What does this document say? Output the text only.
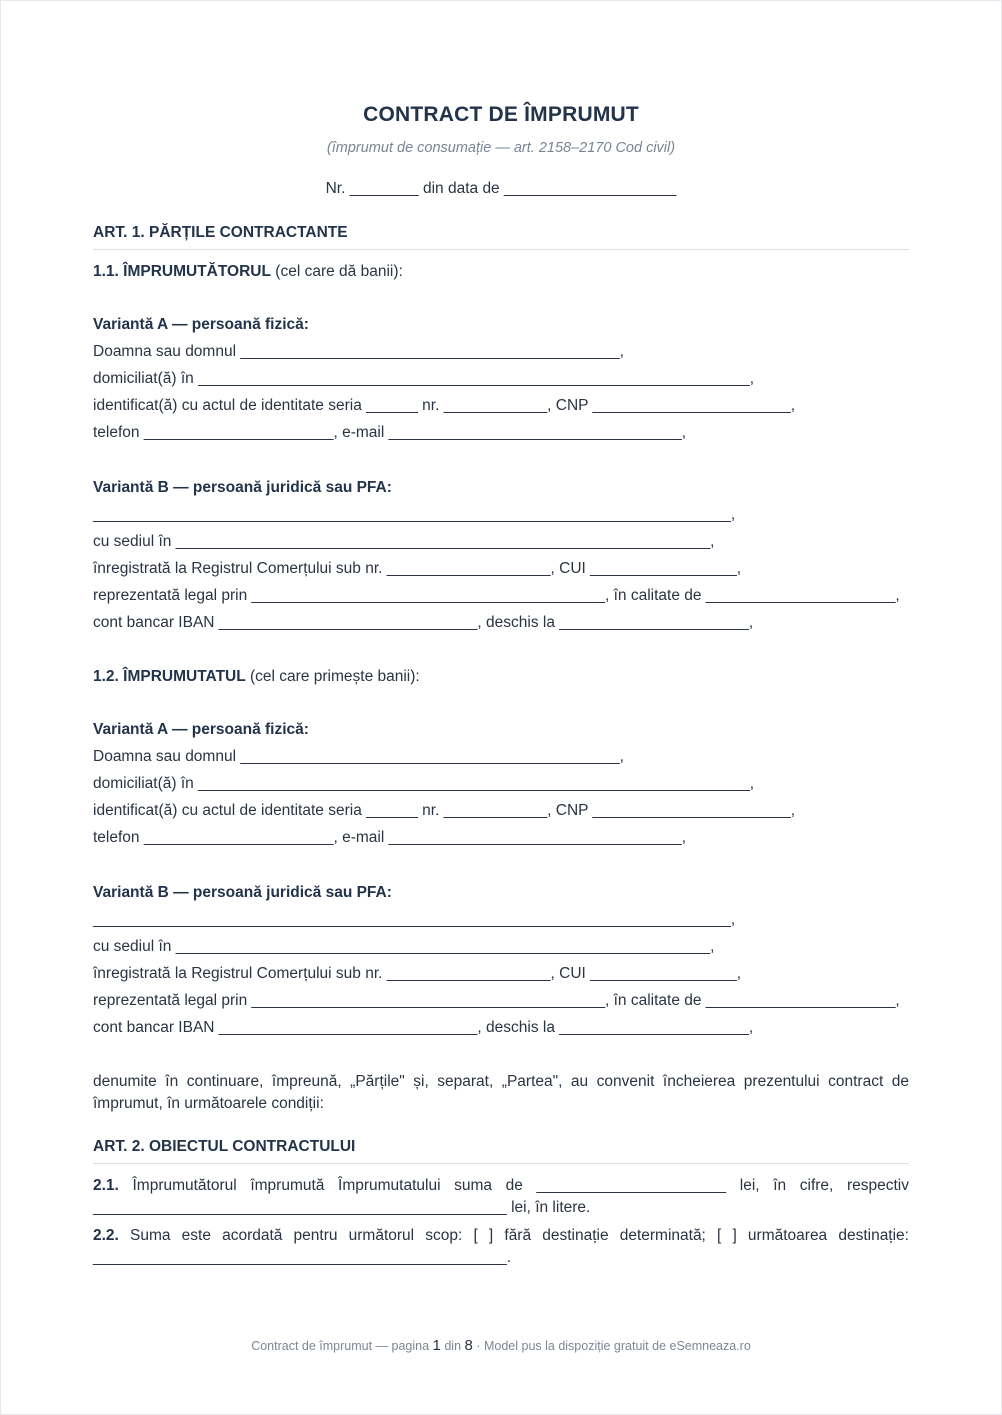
CONTRACT DE ÎMPRUMUT
(împrumut de consumație — art. 2158–2170 Cod civil)
Nr. ________ din data de ____________________
ART. 1. PĂRȚILE CONTRACTANTE
1.1. ÎMPRUMUTĂTORUL (cel care dă banii):
Variantă A — persoană fizică:
Doamna sau domnul ____________________________________________,
domiciliat(ă) în ________________________________________________________________,
identificat(ă) cu actul de identitate seria ______ nr. ____________, CNP _______________________,
telefon ______________________, e-mail __________________________________,
Variantă B — persoană juridică sau PFA:
__________________________________________________________________________,
cu sediul în ______________________________________________________________,
înregistrată la Registrul Comerțului sub nr. ___________________, CUI _________________,
reprezentată legal prin _________________________________________, în calitate de ______________________,
cont bancar IBAN ______________________________, deschis la ______________________,
1.2. ÎMPRUMUTATUL (cel care primește banii):
Variantă A — persoană fizică:
Doamna sau domnul ____________________________________________,
domiciliat(ă) în ________________________________________________________________,
identificat(ă) cu actul de identitate seria ______ nr. ____________, CNP _______________________,
telefon ______________________, e-mail __________________________________,
Variantă B — persoană juridică sau PFA:
__________________________________________________________________________,
cu sediul în ______________________________________________________________,
înregistrată la Registrul Comerțului sub nr. ___________________, CUI _________________,
reprezentată legal prin _________________________________________, în calitate de ______________________,
cont bancar IBAN ______________________________, deschis la ______________________,
denumite în continuare, împreună, „Părțile" și, separat, „Partea", au convenit încheierea prezentului contract de împrumut, în următoarele condiții:
ART. 2. OBIECTUL CONTRACTULUI
2.1. Împrumutătorul împrumută Împrumutatului suma de ______________________ lei, în cifre, respectiv ________________________________________________ lei, în litere.
2.2. Suma este acordată pentru următorul scop: [ ] fără destinație determinată; [ ] următoarea destinație: ________________________________________________.
Contract de împrumut — pagina 1 din 8 · Model pus la dispoziție gratuit de eSemneaza.ro
